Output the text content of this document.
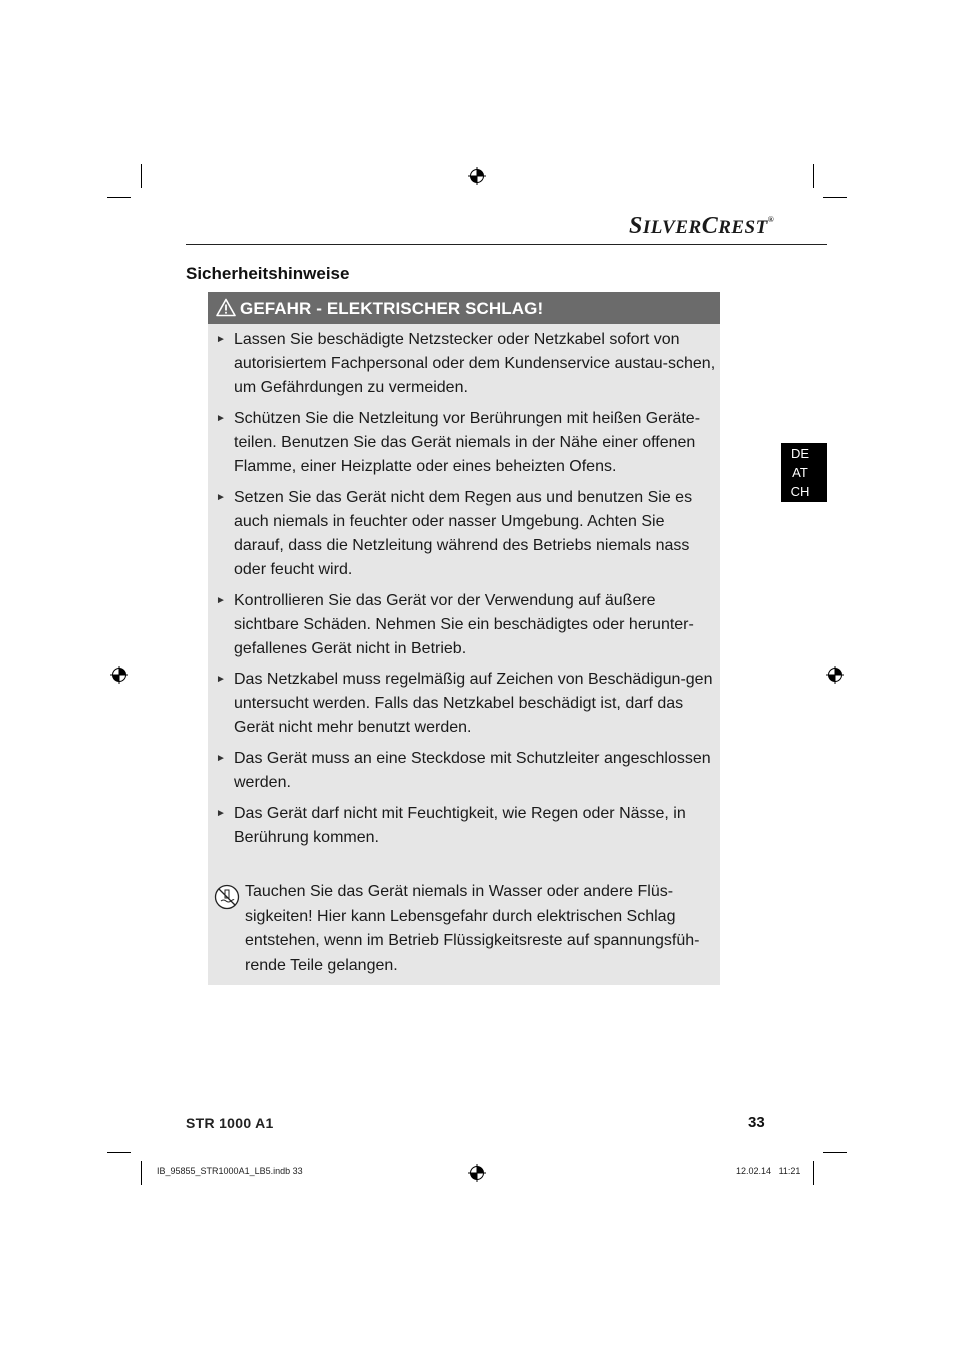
SILVERCREST®
Sicherheitshinweise
DE
AT
CH
GEFAHR - ELEKTRISCHER SCHLAG!
► Lassen Sie beschädigte Netzstecker oder Netzkabel sofort von autorisiertem Fachpersonal oder dem Kundenservice austau-schen, um Gefährdungen zu vermeiden.
► Schützen Sie die Netzleitung vor Berührungen mit heißen Geräte-teilen. Benutzen Sie das Gerät niemals in der Nähe einer offenen Flamme, einer Heizplatte oder eines beheizten Ofens.
► Setzen Sie das Gerät nicht dem Regen aus und benutzen Sie es auch niemals in feuchter oder nasser Umgebung. Achten Sie darauf, dass die Netzleitung während des Betriebs niemals nass oder feucht wird.
► Kontrollieren Sie das Gerät vor der Verwendung auf äußere sichtbare Schäden. Nehmen Sie ein beschädigtes oder herunter-gefallenes Gerät nicht in Betrieb.
► Das Netzkabel muss regelmäßig auf Zeichen von Beschädigun-gen untersucht werden. Falls das Netzkabel beschädigt ist, darf das Gerät nicht mehr benutzt werden.
► Das Gerät muss an eine Steckdose mit Schutzleiter angeschlossen werden.
► Das Gerät darf nicht mit Feuchtigkeit, wie Regen oder Nässe, in Berührung kommen.
Tauchen Sie das Gerät niemals in Wasser oder andere Flüs-sigkeiten! Hier kann Lebensgefahr durch elektrischen Schlag entstehen, wenn im Betrieb Flüssigkeitsreste auf spannungsfüh-rende Teile gelangen.
STR 1000 A1	33
IB_95855_STR1000A1_LB5.indb 33	12.02.14 11:21
